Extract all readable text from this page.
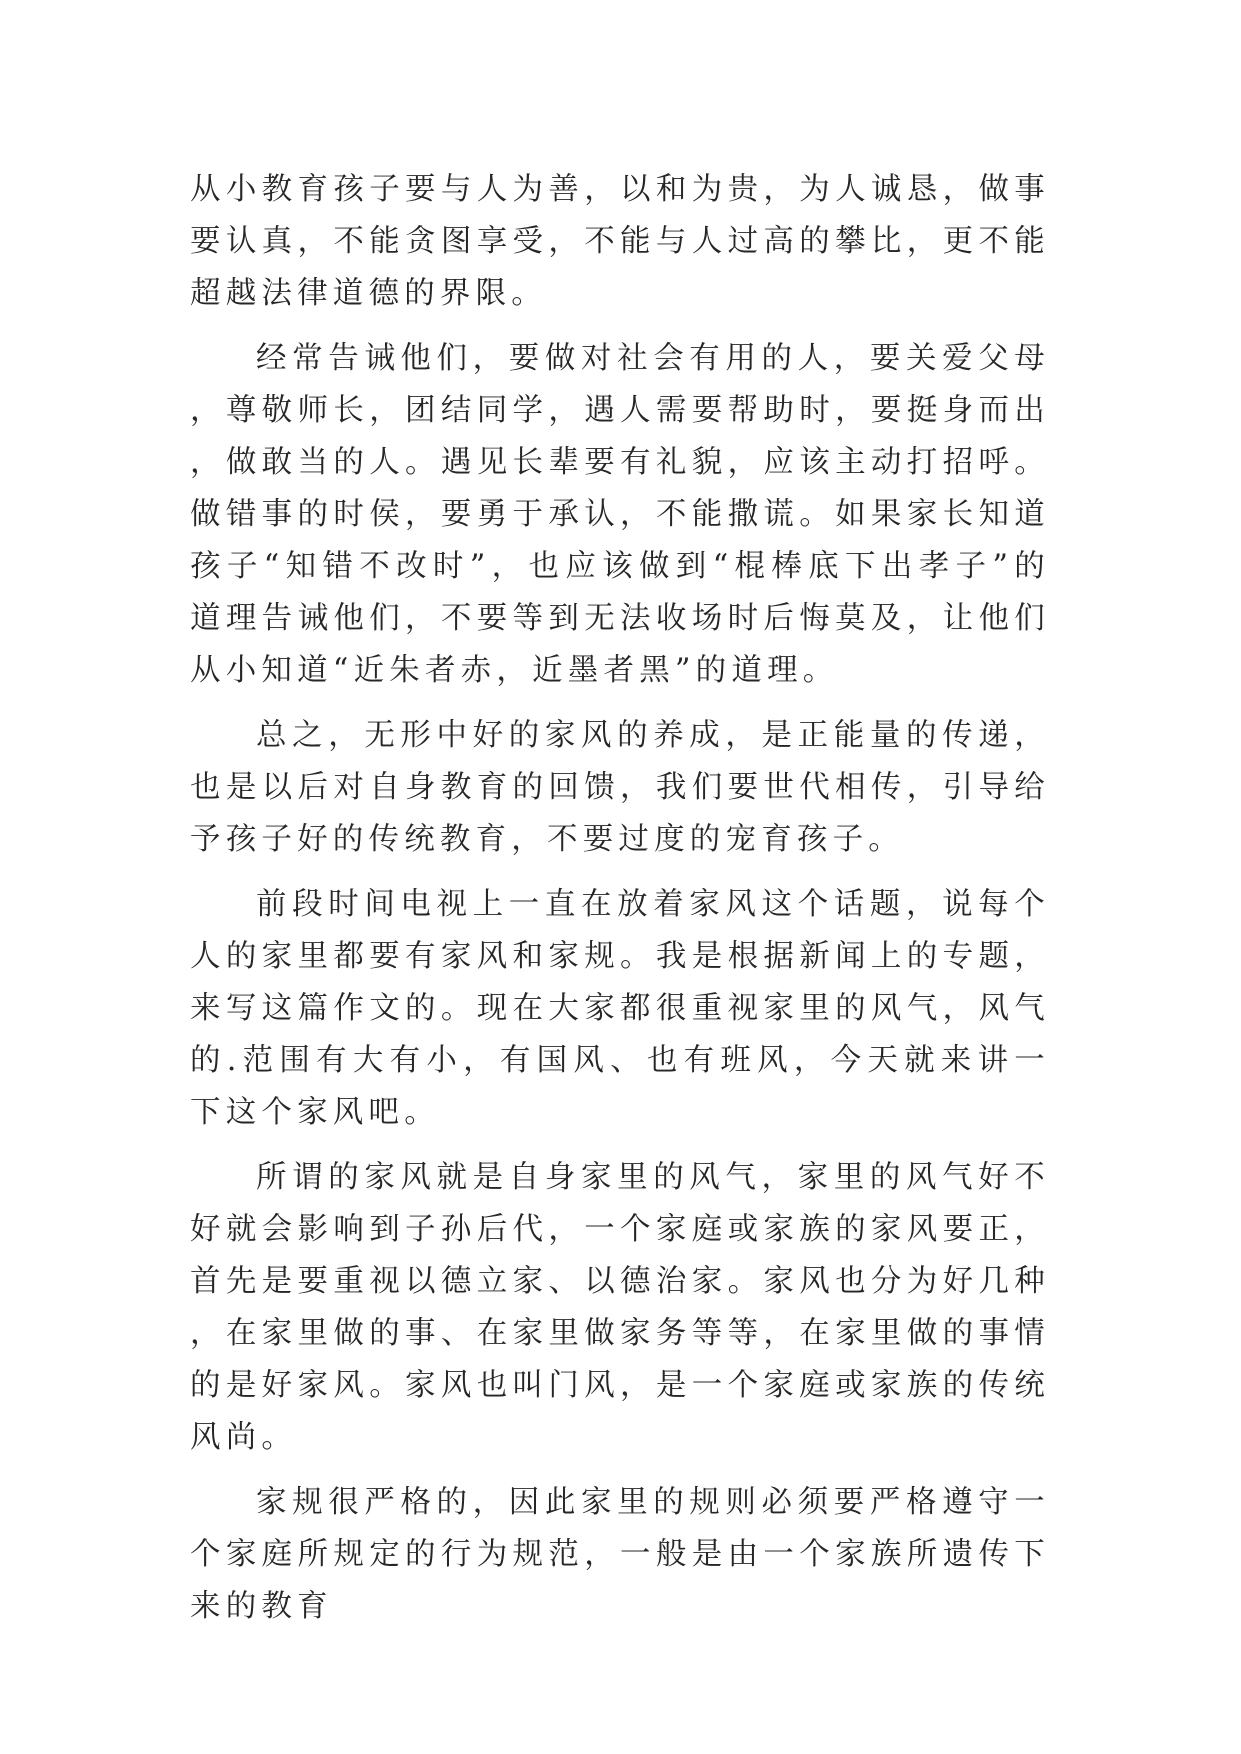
从小教育孩子要与人为善，以和为贵，为人诚恳，做事要认真，不能贪图享受，不能与人过高的攀比，更不能超越法律道德的界限。

经常告诫他们，要做对社会有用的人，要关爱父母，尊敬师长，团结同学，遇人需要帮助时，要挺身而出，做敢当的人。遇见长辈要有礼貌，应该主动打招呼。做错事的时侯，要勇于承认，不能撒谎。如果家长知道孩子“知错不改时”，也应该做到“棍棒底下出孝子”的道理告诫他们，不要等到无法收场时后悔莫及，让他们从小知道“近朱者赤，近墨者黑”的道理。

总之，无形中好的家风的养成，是正能量的传递，也是以后对自身教育的回馈，我们要世代相传，引导给予孩子好的传统教育，不要过度的宠育孩子。

前段时间电视上一直在放着家风这个话题，说每个人的家里都要有家风和家规。我是根据新闻上的专题，来写这篇作文的。现在大家都很重视家里的风气，风气的.范围有大有小，有国风、也有班风，今天就来讲一下这个家风吧。

所谓的家风就是自身家里的风气，家里的风气好不好就会影响到子孙后代，一个家庭或家族的家风要正，首先是要重视以德立家、以德治家。家风也分为好几种，在家里做的事、在家里做家务等等，在家里做的事情的是好家风。家风也叫门风，是一个家庭或家族的传统风尚。

家规很严格的，因此家里的规则必须要严格遵守一个家庭所规定的行为规范，一般是由一个家族所遗传下来的教育
